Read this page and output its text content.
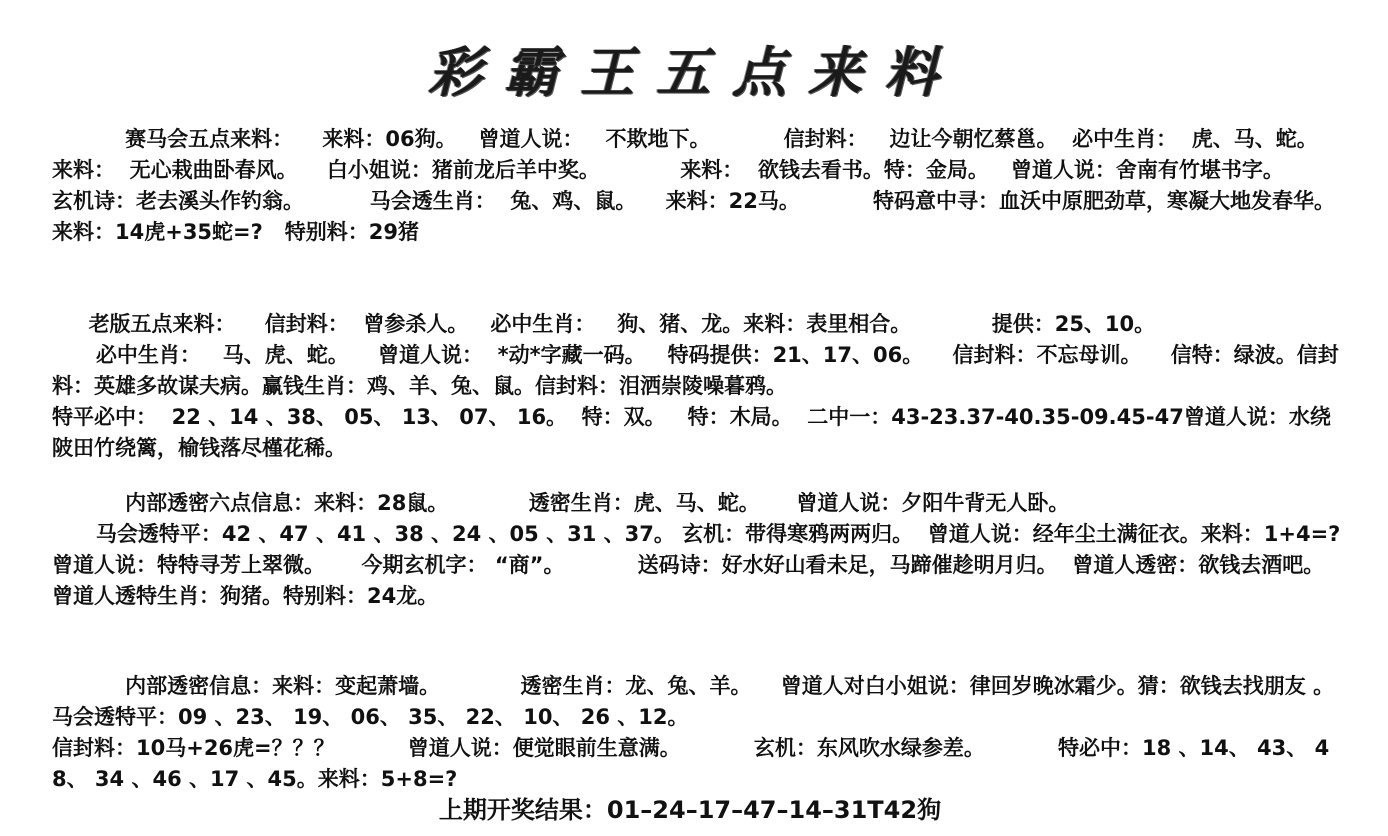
彩霸王五点来料
赛马会五点来料：    来料：06狗。   曾道人说：   不欺地下。          信封料：   边让今朝忆蔡邕。  必中生肖：  虎、马、蛇。    来料：  无心栽曲卧春风。    白小姐说：猪前龙后羊中奖。           来料：  欲钱去看书。特：金局。   曾道人说：舍南有竹堪书字。         玄机诗：老去溪头作钓翁。         马会透生肖：  兔、鸡、鼠。    来料：22马。          特码意中寻：血沃中原肥劲草，寒凝大地发春华。 来料：14虎+35蛇=?   特别料：29猪
老版五点来料：    信封料：  曾参杀人。   必中生肖：   狗、猪、龙。来料：表里相合。           提供：25、10。
必中生肖：   马、虎、蛇。    曾道人说：  *动*字藏一码。   特码提供：21、17、06。    信封料：不忘母训。    信特：绿波。信封料：英雄多故谋夫病。赢钱生肖：鸡、羊、兔、鼠。信封料：泪洒崇陵噪暮鸦。
特平必中：  22 、14 、38、 05、 13、 07、 16。  特：双。   特：木局。  二中一：43-23.37-40.35-09.45-47曾道人说：水绕陂田竹绕篱，榆钱落尽槿花稀。
内部透密六点信息：来料：28鼠。           透密生肖：虎、马、蛇。     曾道人说：夕阳牛背无人卧。
马会透特平：42 、47 、41 、38 、24 、05 、31 、37。 玄机：带得寒鸦两两归。  曾道人说：经年尘土满征衣。来料：1+4=?   曾道人说：特特寻芳上翠微。     今期玄机字： “商”。          送码诗：好水好山看未足，马蹄催趁明月归。  曾道人透密：欲钱去酒吧。     曾道人透特生肖：狗猪。特别料：24龙。
内部透密信息：来料：变起萧墙。           透密生肖：龙、兔、羊。    曾道人对白小姐说：律回岁晚冰霜少。猜：欲钱去找朋友 。马会透特平：09 、23、 19、 06、 35、 22、 10、 26 、12。
信封料：10马+26虎=？？？          曾道人说：便觉眼前生意满。          玄机：东风吹水绿参差。          特必中：18 、14、 43、 48、 34 、46 、17 、45。来料：5+8=?
上期开奖结果：01–24–17–47–14–31T42狗
